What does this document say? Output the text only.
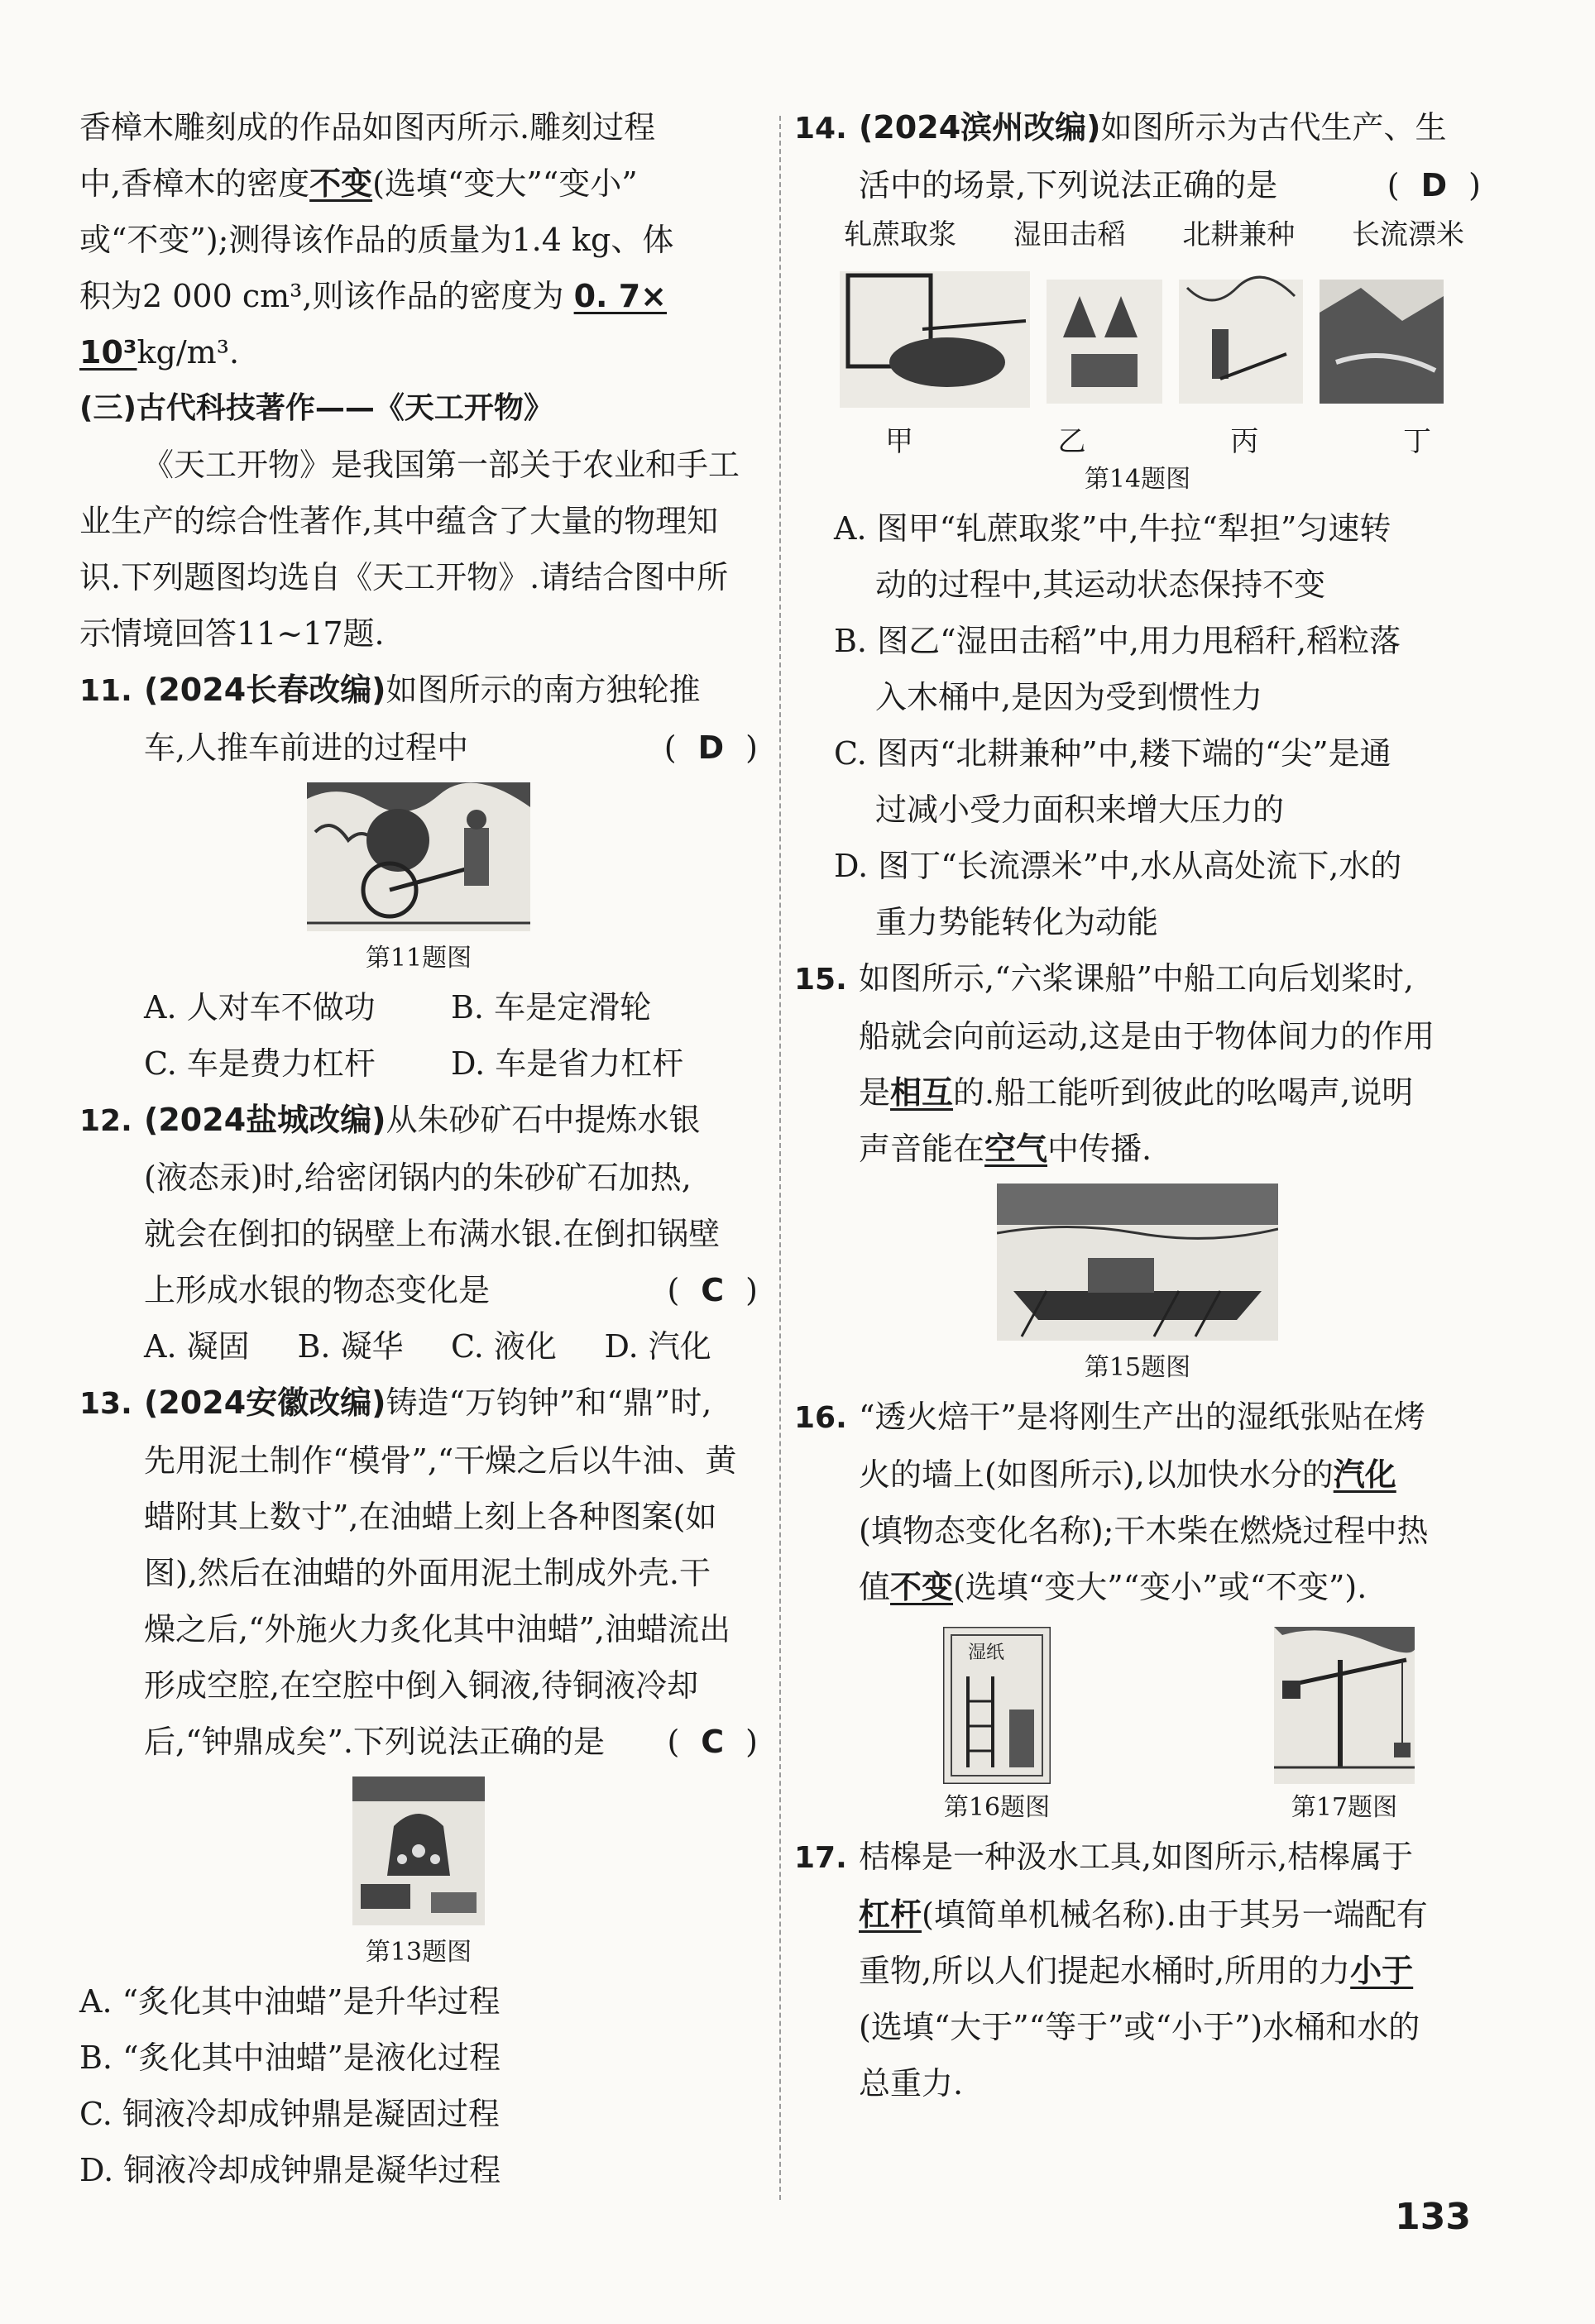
香樟木雕刻成的作品如图丙所示.雕刻过程

中,香樟木的密度不变(选填“变大”“变小”

或“不变”);测得该作品的质量为1.4 kg、体

积为2 000 cm³,则该作品的密度为 0. 7×

10³kg/m³.

(三)古代科技著作——《天工开物》

《天工开物》是我国第一部关于农业和手工

业生产的综合性著作,其中蕴含了大量的物理知

识.下列题图均选自《天工开物》.请结合图中所

示情境回答11~17题.

11. (2024长春改编)如图所示的南方独轮推

车,人推车前进的过程中	( D )

第11题图

A. 人对车不做功	B. 车是定滑轮
C. 车是费力杠杆	D. 车是省力杠杆

12. (2024盐城改编)从朱砂矿石中提炼水银

(液态汞)时,给密闭锅内的朱砂矿石加热,

就会在倒扣的锅壁上布满水银.在倒扣锅壁

上形成水银的物态变化是	( C )

A. 凝固	B. 凝华	C. 液化	D. 汽化

13. (2024安徽改编)铸造“万钧钟”和“鼎”时,

先用泥土制作“模骨”,“干燥之后以牛油、黄

蜡附其上数寸”,在油蜡上刻上各种图案(如

图),然后在油蜡的外面用泥土制成外壳.干

燥之后,“外施火力炙化其中油蜡”,油蜡流出

形成空腔,在空腔中倒入铜液,待铜液冷却

后,“钟鼎成矣”.下列说法正确的是 ( C )

第13题图

A. “炙化其中油蜡”是升华过程

B. “炙化其中油蜡”是液化过程

C. 铜液冷却成钟鼎是凝固过程

D. 铜液冷却成钟鼎是凝华过程

14. (2024滨州改编)如图所示为古代生产、生

活中的场景,下列说法正确的是	( D )

轧蔗取浆 湿田击稻 北耕兼种 长流漂米
甲	乙	丙	丁

第14题图

A. 图甲“轧蔗取浆”中,牛拉“犁担”匀速转

动的过程中,其运动状态保持不变

B. 图乙“湿田击稻”中,用力甩稻秆,稻粒落

入木桶中,是因为受到惯性力

C. 图丙“北耕兼种”中,耧下端的“尖”是通

过减小受力面积来增大压力的

D. 图丁“长流漂米”中,水从高处流下,水的

重力势能转化为动能

15. 如图所示,“六桨课船”中船工向后划桨时,

船就会向前运动,这是由于物体间力的作用

是相互的.船工能听到彼此的吆喝声,说明

声音能在空气中传播.

第15题图

16. “透火焙干”是将刚生产出的湿纸张贴在烤

火的墙上(如图所示),以加快水分的汽化

(填物态变化名称);干木柴在燃烧过程中热

值不变(选填“变大”“变小”或“不变”).

湿纸

第16题图	第17题图

17. 桔槔是一种汲水工具,如图所示,桔槔属于

杠杆(填简单机械名称).由于其另一端配有

重物,所以人们提起水桶时,所用的力小于

(选填“大于”“等于”或“小于”)水桶和水的

总重力.

133
